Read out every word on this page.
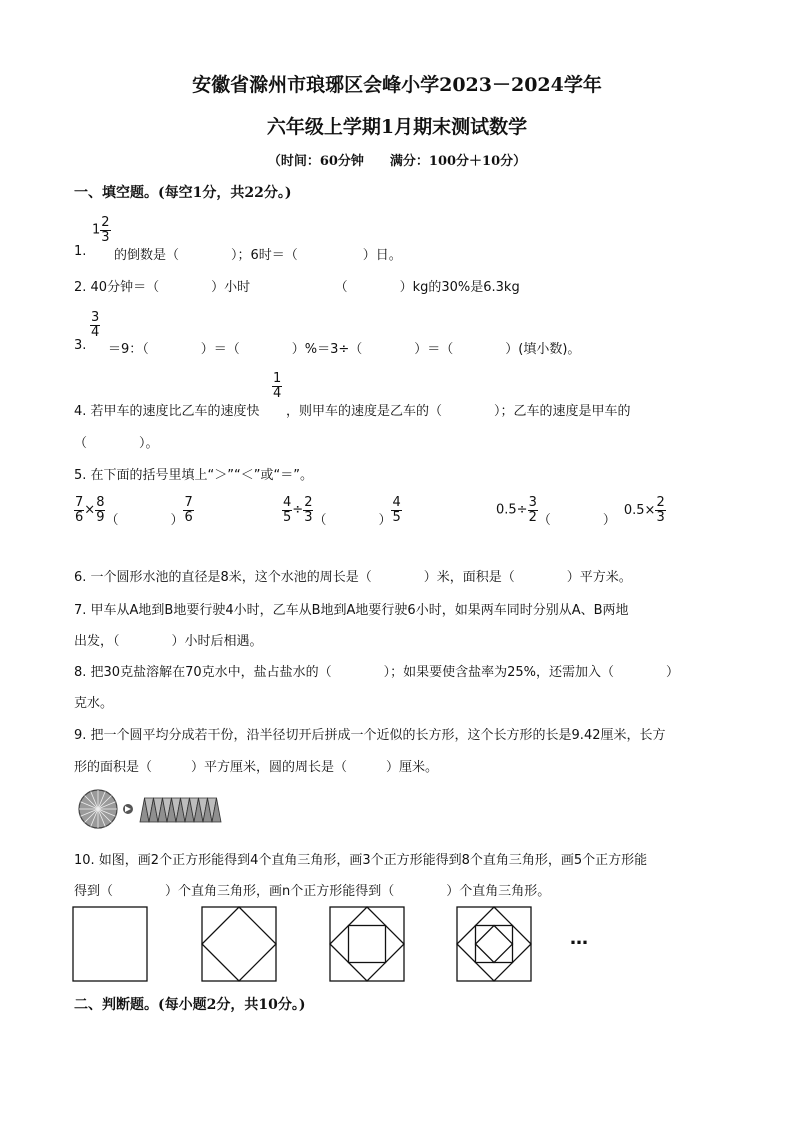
安徽省滁州市琅琊区会峰小学2023－2024学年
六年级上学期1月期末测试数学
（时间：60分钟　　满分：100分＋10分）
一、填空题。(每空1分，共22分。)
1.
$1 \frac{2}{3}$
的倒数是（　　　　）；6时＝（　　　　　）日。
2. 40分钟＝（　　　　）小时　　　　　　　（　　　　）kg的30%是6.3kg
3.
$\frac{3}{4}$
＝9：（　　　　）＝（　　　　）%＝3÷（　　　　）＝（　　　　）(填小数)。
4. 若甲车的速度比乙车的速度快
$\frac{1}{4}$
，则甲车的速度是乙车的（　　　　）；乙车的速度是甲车的
（　　　　）。
5. 在下面的括号里填上“＞”“＜”或“＝”。
$\frac{7}{6} \times \frac{8}{9} _{( )} \frac{7}{6}$	$\frac{4}{5} \div \frac{2}{3} _{( )} \frac{4}{5}$	$0.5\div \frac{3}{2} _{( )}0.5\times \frac{2}{3}$
6. 一个圆形水池的直径是8米，这个水池的周长是（　　　　）米，面积是（　　　　）平方米。
7. 甲车从A地到B地要行驶4小时，乙车从B地到A地要行驶6小时，如果两车同时分别从A、B两地
出发，（　　　　）小时后相遇。
8. 把30克盐溶解在70克水中，盐占盐水的（　　　　）；如果要使含盐率为25%，还需加入（　　　　）
克水。
9. 把一个圆平均分成若干份，沿半径切开后拼成一个近似的长方形，这个长方形的长是9.42厘米，长方
形的面积是（　　　）平方厘米，圆的周长是（　　　）厘米。
10. 如图，画2个正方形能得到4个直角三角形，画3个正方形能得到8个直角三角形，画5个正方形能
得到（　　　　）个直角三角形，画n个正方形能得到（　　　　）个直角三角形。
…
二、判断题。(每小题2分，共10分。)
